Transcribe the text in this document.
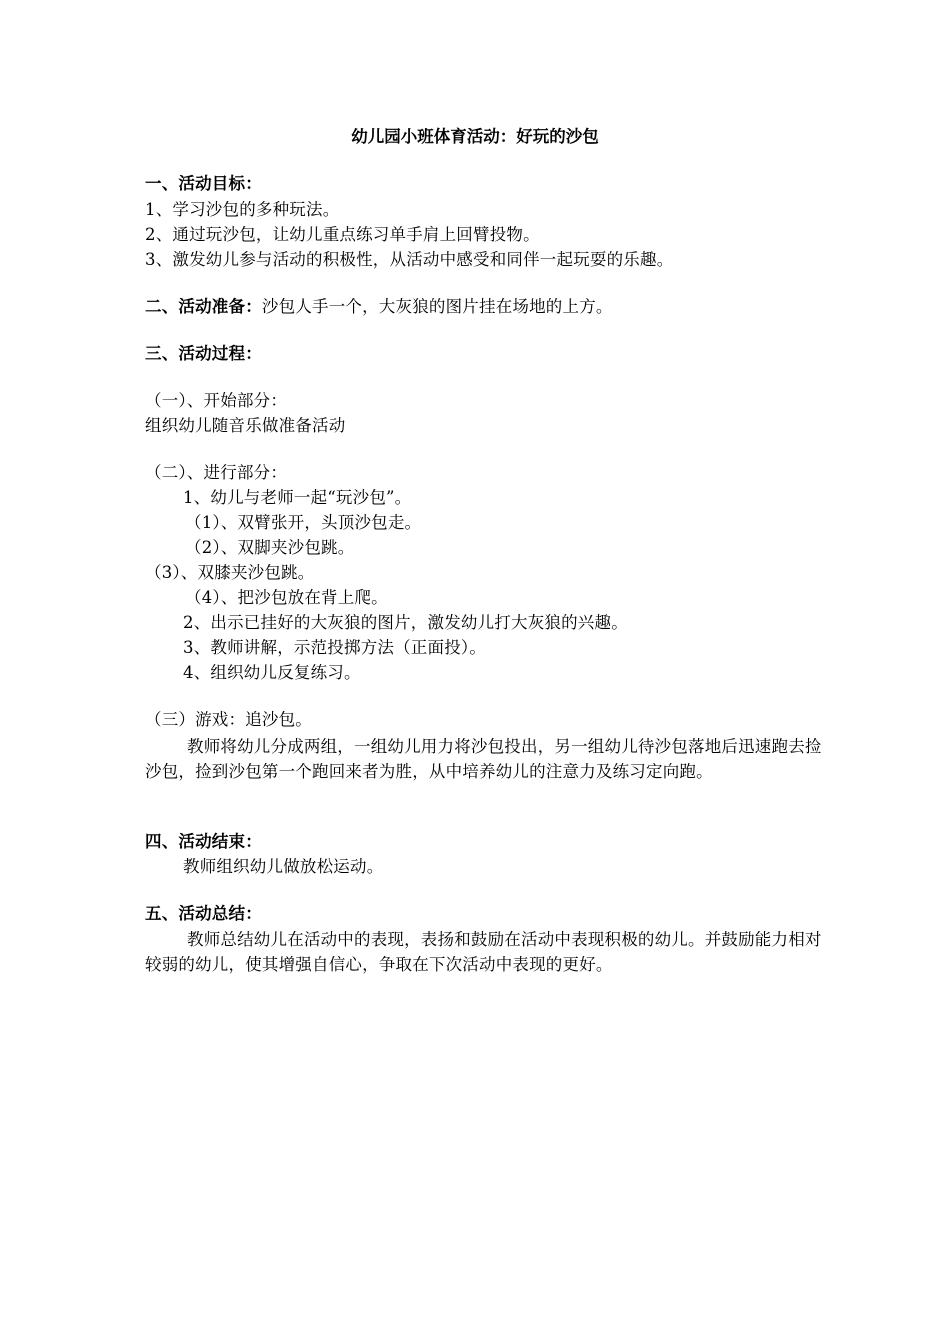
幼儿园小班体育活动：好玩的沙包
一、活动目标：
1、学习沙包的多种玩法。
2、通过玩沙包，让幼儿重点练习单手肩上回臂投物。
3、激发幼儿参与活动的积极性，从活动中感受和同伴一起玩耍的乐趣。
二、活动准备：沙包人手一个，大灰狼的图片挂在场地的上方。
三、活动过程：
（一）、开始部分：
组织幼儿随音乐做准备活动
（二）、进行部分：
1、幼儿与老师一起“玩沙包”。
（1）、双臂张开，头顶沙包走。
（2）、双脚夹沙包跳。
（3）、双膝夹沙包跳。
（4）、把沙包放在背上爬。
2、出示已挂好的大灰狼的图片，激发幼儿打大灰狼的兴趣。
3、教师讲解，示范投掷方法（正面投）。
4、组织幼儿反复练习。
（三）游戏：追沙包。
教师将幼儿分成两组，一组幼儿用力将沙包投出，另一组幼儿待沙包落地后迅速跑去捡沙包，捡到沙包第一个跑回来者为胜，从中培养幼儿的注意力及练习定向跑。
四、活动结束：
教师组织幼儿做放松运动。
五、活动总结：
教师总结幼儿在活动中的表现，表扬和鼓励在活动中表现积极的幼儿。并鼓励能力相对较弱的幼儿，使其增强自信心，争取在下次活动中表现的更好。
